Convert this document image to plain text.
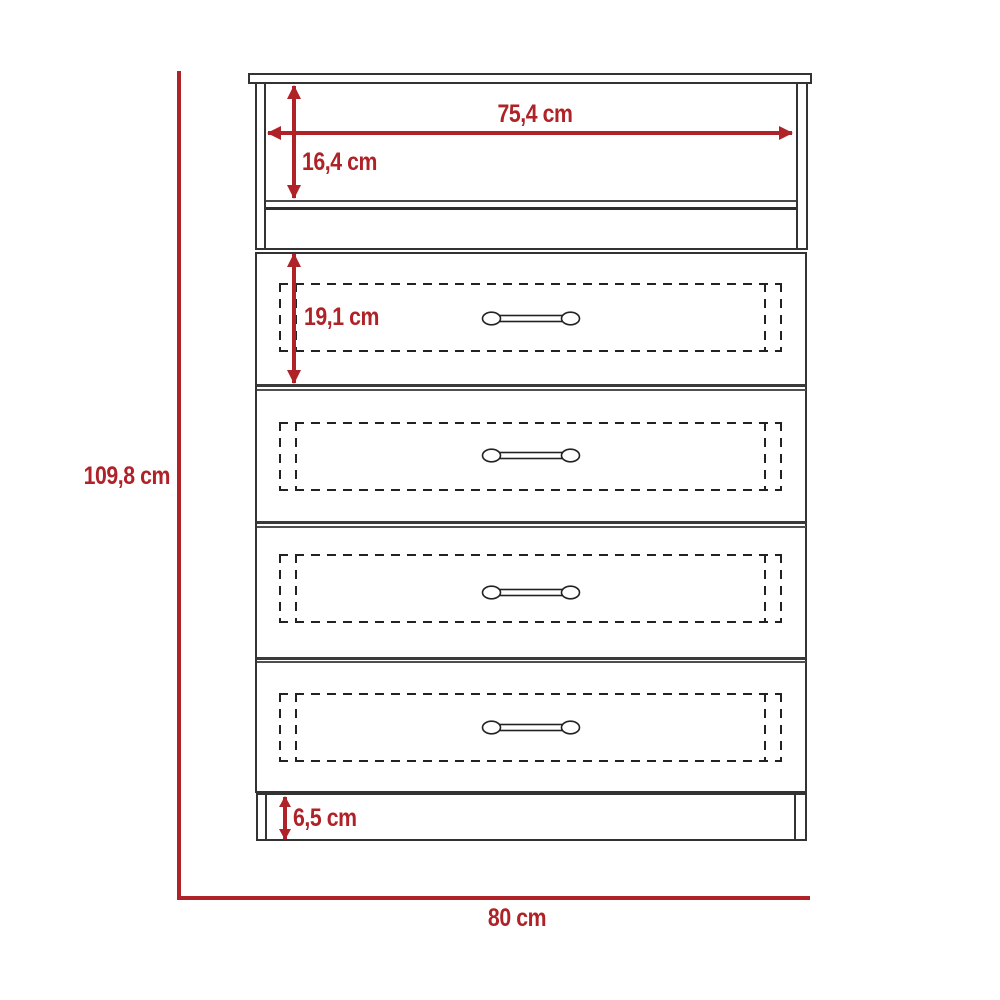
75,4 cm
16,4 cm
19,1 cm
109,8 cm
6,5 cm
80 cm
